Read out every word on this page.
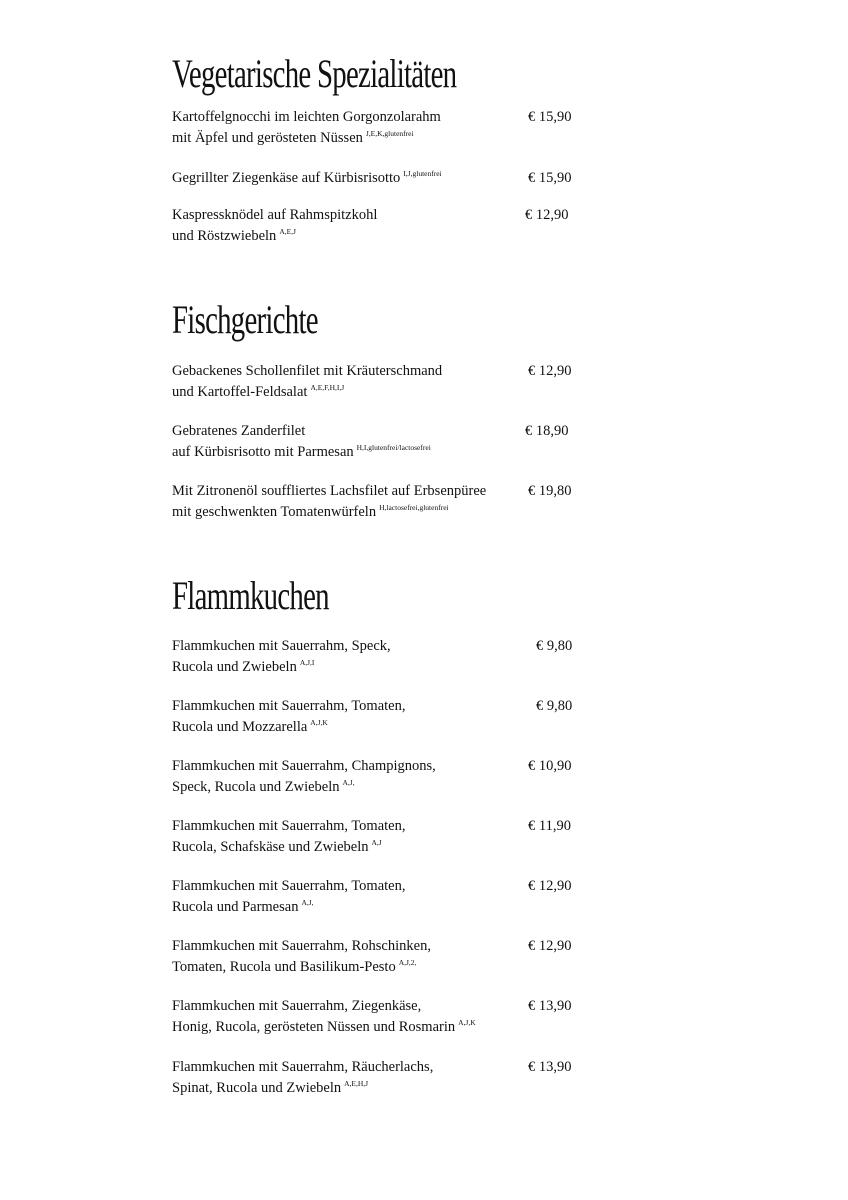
Vegetarische Spezialitäten
Kartoffelgnocchi im leichten Gorgonzolarahm
mit Äpfel und gerösteten Nüssen $^{J,E,K,glutenfrei}$
€ 15,90
Gegrillter Ziegenkäse auf Kürbisrisotto $^{I,J,glutenfrei}$	€ 15,90
Kaspressknödel auf Rahmspitzkohl
und Röstzwiebeln $^{A,E,J}$
€ 12,90
Fischgerichte
Gebackenes Schollenfilet mit Kräuterschmand
und Kartoffel-Feldsalat $^{A,E,F,H,I,J}$
€ 12,90
Gebratenes Zanderfilet
auf Kürbisrisotto mit Parmesan $^{H,I,glutenfrei/lactosefrei}$
€ 18,90
Mit Zitronenöl souffliertes Lachsfilet auf Erbsenpüree
mit geschwenkten Tomatenwürfeln $^{H,lactosefrei,glutenfrei}$
€ 19,80
Flammkuchen
Flammkuchen mit Sauerrahm, Speck,
Rucola und Zwiebeln $^{A,J,I}$
€ 9,80
Flammkuchen mit Sauerrahm, Tomaten,
Rucola und Mozzarella $^{A,J,K}$
€ 9,80
Flammkuchen mit Sauerrahm, Champignons,
Speck, Rucola und Zwiebeln $^{A,J,}$
€ 10,90
Flammkuchen mit Sauerrahm, Tomaten,
Rucola, Schafskäse und Zwiebeln $^{A,J}$
€ 11,90
Flammkuchen mit Sauerrahm, Tomaten,
Rucola und Parmesan $^{A,J,}$
€ 12,90
Flammkuchen mit Sauerrahm, Rohschinken,
Tomaten, Rucola und Basilikum-Pesto $^{A,J,2,}$
€ 12,90
Flammkuchen mit Sauerrahm, Ziegenkäse,
Honig, Rucola, gerösteten Nüssen und Rosmarin $^{A,J,K}$
€ 13,90
Flammkuchen mit Sauerrahm, Räucherlachs,
Spinat, Rucola und Zwiebeln $^{A,E,H,J}$
€ 13,90
